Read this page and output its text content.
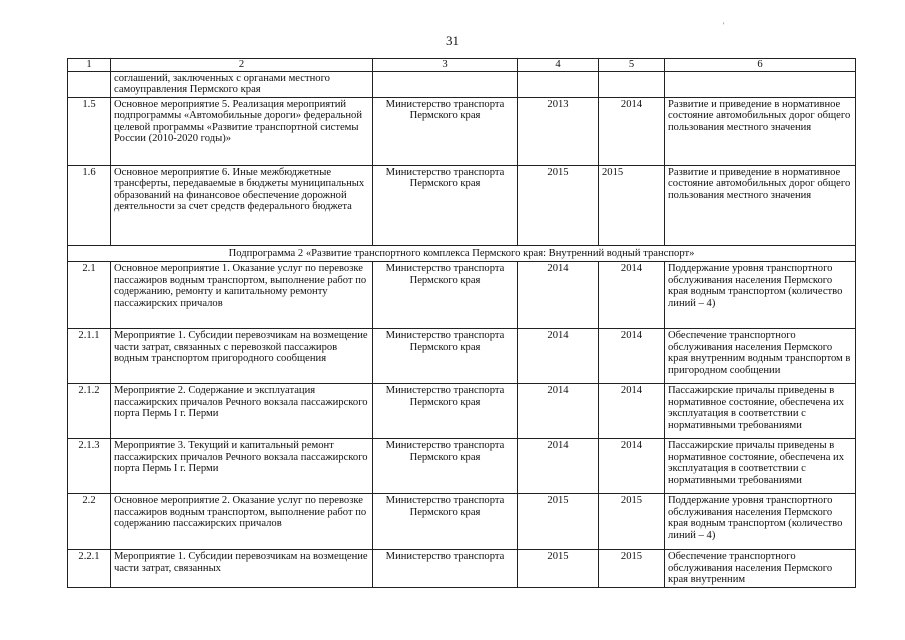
31
'
1	2	3	4	5	6
	соглашений, заключенных с органами местного самоуправления Пермского края				
1.5	Основное мероприятие 5. Реализация мероприятий подпрограммы «Автомобильные дороги» федеральной целевой программы «Развитие транспортной системы России (2010-2020 годы)»	Министерство транспорта Пермского края	2013	2014	Развитие и приведение в нормативное состояние автомобильных дорог общего пользования местного значения
1.6	Основное мероприятие 6. Иные межбюджетные трансферты, передаваемые в бюджеты муниципальных образований на финансовое обеспечение дорожной деятельности за счет средств федерального бюджета	Министерство транспорта Пермского края	2015	2015	Развитие и приведение в нормативное состояние автомобильных дорог общего пользования местного значения
Подпрограмма 2 «Развитие транспортного комплекса Пермского края: Внутренний водный транспорт»					
2.1	Основное мероприятие 1. Оказание услуг по перевозке пассажиров водным транспортом, выполнение работ по содержанию, ремонту и капитальному ремонту пассажирских причалов	Министерство транспорта Пермского края	2014	2014	Поддержание уровня транспортного обслуживания населения Пермского края водным транспортом (количество линий – 4)
2.1.1	Мероприятие 1. Субсидии перевозчикам на возмещение части затрат, связанных с перевозкой пассажиров водным транспортом пригородного сообщения	Министерство транспорта Пермского края	2014	2014	Обеспечение транспортного обслуживания населения Пермского края внутренним водным транспортом в пригородном сообщении
2.1.2	Мероприятие 2. Содержание и эксплуатация пассажирских причалов Речного вокзала пассажирского порта Пермь I г. Перми	Министерство транспорта Пермского края	2014	2014	Пассажирские причалы приведены в нормативное состояние, обеспечена их эксплуатация в соответствии с нормативными требованиями
2.1.3	Мероприятие 3. Текущий и капитальный ремонт пассажирских причалов Речного вокзала пассажирского порта Пермь I г. Перми	Министерство транспорта Пермского края	2014	2014	Пассажирские причалы приведены в нормативное состояние, обеспечена их эксплуатация в соответствии с нормативными требованиями
2.2	Основное мероприятие 2. Оказание услуг по перевозке пассажиров водным транспортом, выполнение работ по содержанию пассажирских причалов	Министерство транспорта Пермского края	2015	2015	Поддержание уровня транспортного обслуживания населения Пермского края водным транспортом (количество линий – 4)
2.2.1	Мероприятие 1. Субсидии перевозчикам на возмещение части затрат, связанных	Министерство транспорта	2015	2015	Обеспечение транспортного обслуживания населения Пермского края внутренним
